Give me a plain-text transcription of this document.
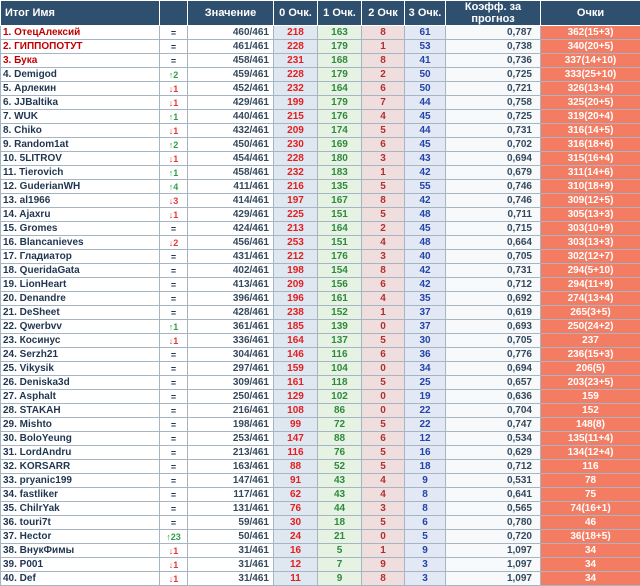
Итог Имя		Значение	0 Очк.	1 Очк.	2 Очк	3 Очк.	Коэфф. за прогноз	Очки
1. ОтецАлексий	=	460/461	218	163	8	61	0,787	362(15+3)
2. ГИППОПОТУТ	=	461/461	228	179	1	53	0,738	340(20+5)
3. Бука	=	458/461	231	168	8	41	0,736	337(14+10)
4. Demigod	↑2	459/461	228	179	2	50	0,725	333(25+10)
5. Арлекин	↓1	452/461	232	164	6	50	0,721	326(13+4)
6. JJBaltika	↓1	429/461	199	179	7	44	0,758	325(20+5)
7. WUK	↑1	440/461	215	176	4	45	0,725	319(20+4)
8. Chiko	↓1	432/461	209	174	5	44	0,731	316(14+5)
9. Random1at	↑2	450/461	230	169	6	45	0,702	316(18+6)
10. 5LITROV	↓1	454/461	228	180	3	43	0,694	315(16+4)
11. Tierovich	↑1	458/461	232	183	1	42	0,679	311(14+6)
12. GuderianWH	↑4	411/461	216	135	5	55	0,746	310(18+9)
13. al1966	↓3	414/461	197	167	8	42	0,746	309(12+5)
14. Ajaxru	↓1	429/461	225	151	5	48	0,711	305(13+3)
15. Gromes	=	424/461	213	164	2	45	0,715	303(10+9)
16. Blancanieves	↓2	456/461	253	151	4	48	0,664	303(13+3)
17. Гладиатор	=	431/461	212	176	3	40	0,705	302(12+7)
18. QueridaGata	=	402/461	198	154	8	42	0,731	294(5+10)
19. LionHeart	=	413/461	209	156	6	42	0,712	294(11+9)
20. Denandre	=	396/461	196	161	4	35	0,692	274(13+4)
21. DeSheet	=	428/461	238	152	1	37	0,619	265(3+5)
22. Qwerbvv	↑1	361/461	185	139	0	37	0,693	250(24+2)
23. Косинус	↓1	336/461	164	137	5	30	0,705	237
24. Serzh21	=	304/461	146	116	6	36	0,776	236(15+3)
25. Vikysik	=	297/461	159	104	0	34	0,694	206(5)
26. Deniska3d	=	309/461	161	118	5	25	0,657	203(23+5)
27. Asphalt	=	250/461	129	102	0	19	0,636	159
28. STAKAH	=	216/461	108	86	0	22	0,704	152
29. Mishto	=	198/461	99	72	5	22	0,747	148(8)
30. BoloYeung	=	253/461	147	88	6	12	0,534	135(11+4)
31. LordAndru	=	213/461	116	76	5	16	0,629	134(12+4)
32. KORSARR	=	163/461	88	52	5	18	0,712	116
33. pryanic199	=	147/461	91	43	4	9	0,531	78
34. fastliker	=	117/461	62	43	4	8	0,641	75
35. ChilrYak	=	131/461	76	44	3	8	0,565	74(16+1)
36. touri7t	=	59/461	30	18	5	6	0,780	46
37. Hector	↑23	50/461	24	21	0	5	0,720	36(18+5)
38. ВнукФимы	↓1	31/461	16	5	1	9	1,097	34
39. P001	↓1	31/461	12	7	9	3	1,097	34
40. Def	↓1	31/461	11	9	8	3	1,097	34
